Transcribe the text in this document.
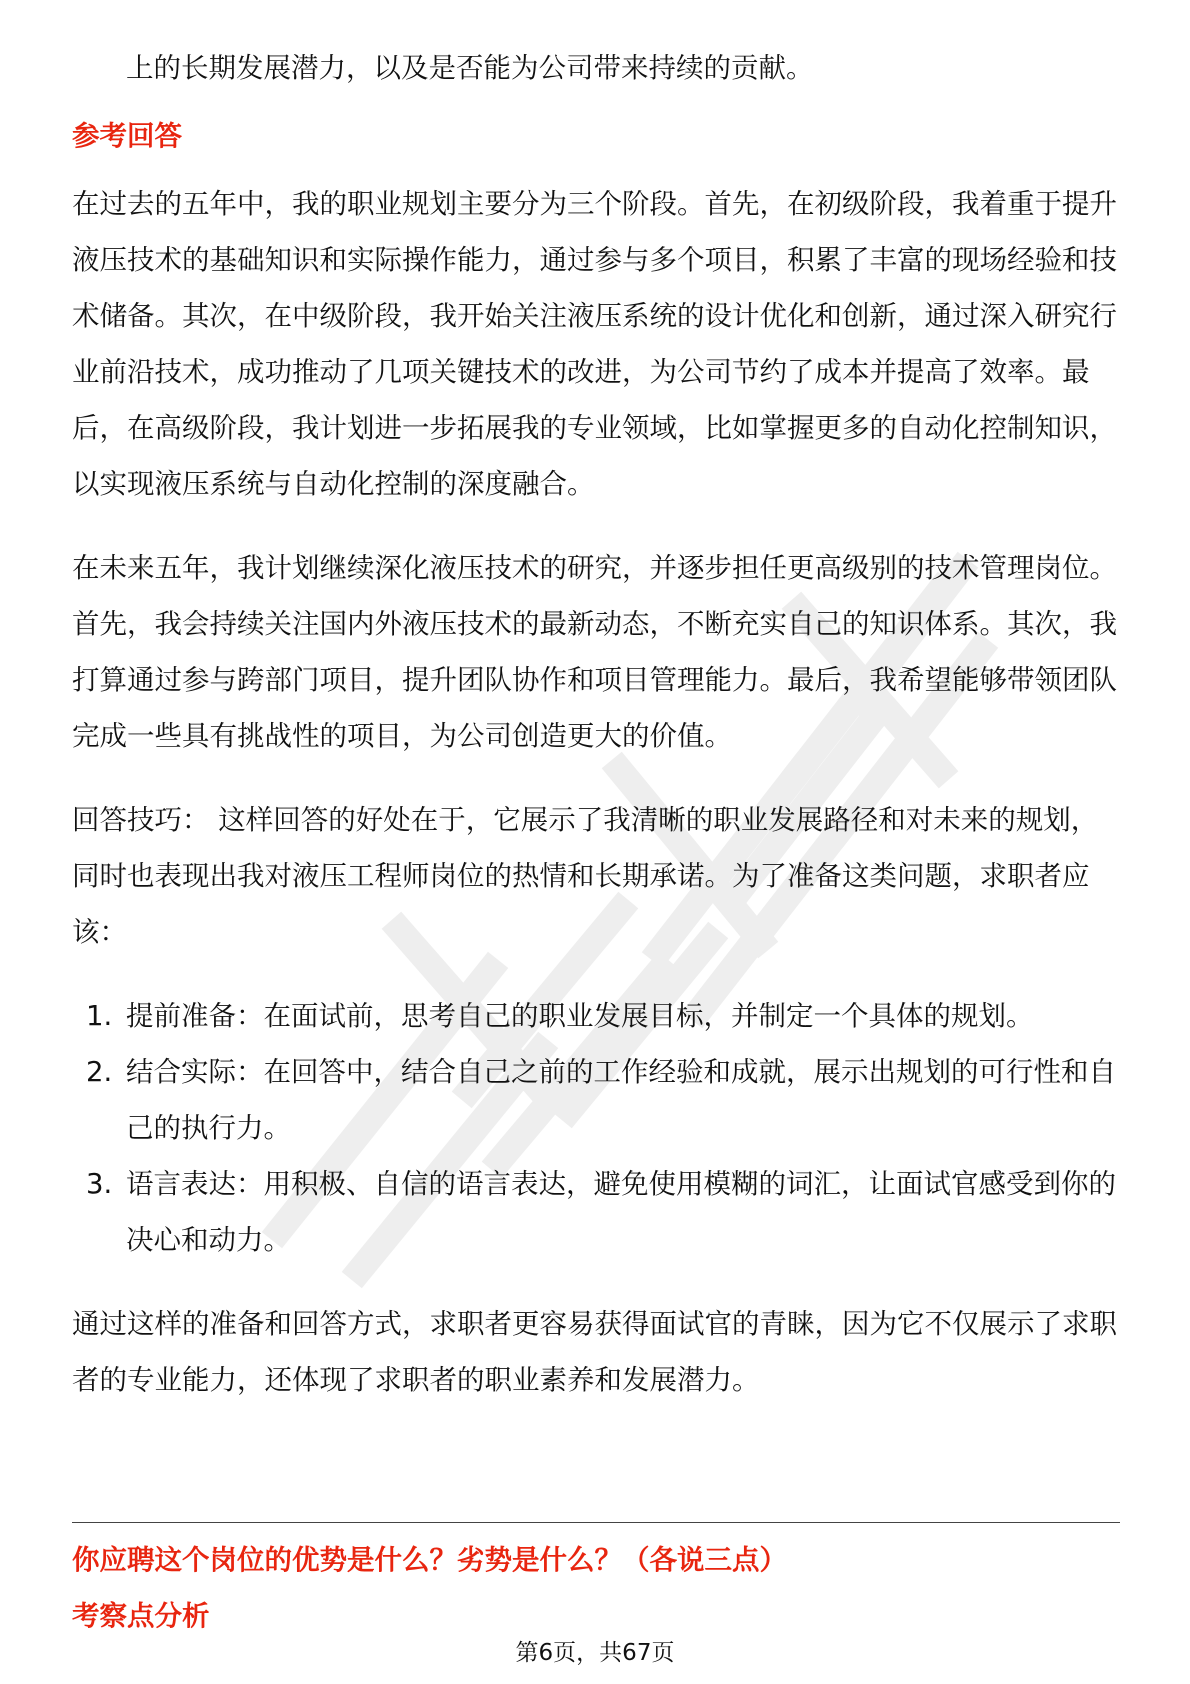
上的长期发展潜力，以及是否能为公司带来持续的贡献。

参考回答

在过去的五年中，我的职业规划主要分为三个阶段。首先，在初级阶段，我着重于提升液压技术的基础知识和实际操作能力，通过参与多个项目，积累了丰富的现场经验和技术储备。其次，在中级阶段，我开始关注液压系统的设计优化和创新，通过深入研究行业前沿技术，成功推动了几项关键技术的改进，为公司节约了成本并提高了效率。最后，在高级阶段，我计划进一步拓展我的专业领域，比如掌握更多的自动化控制知识，以实现液压系统与自动化控制的深度融合。

在未来五年，我计划继续深化液压技术的研究，并逐步担任更高级别的技术管理岗位。首先，我会持续关注国内外液压技术的最新动态，不断充实自己的知识体系。其次，我打算通过参与跨部门项目，提升团队协作和项目管理能力。最后，我希望能够带领团队完成一些具有挑战性的项目，为公司创造更大的价值。

回答技巧： 这样回答的好处在于，它展示了我清晰的职业发展路径和对未来的规划，同时也表现出我对液压工程师岗位的热情和长期承诺。为了准备这类问题，求职者应该：

1. 提前准备：在面试前，思考自己的职业发展目标，并制定一个具体的规划。
2. 结合实际：在回答中，结合自己之前的工作经验和成就，展示出规划的可行性和自己的执行力。
3. 语言表达：用积极、自信的语言表达，避免使用模糊的词汇，让面试官感受到你的决心和动力。

通过这样的准备和回答方式，求职者更容易获得面试官的青睐，因为它不仅展示了求职者的专业能力，还体现了求职者的职业素养和发展潜力。

你应聘这个岗位的优势是什么？劣势是什么？（各说三点）

考察点分析

第6页，共67页
